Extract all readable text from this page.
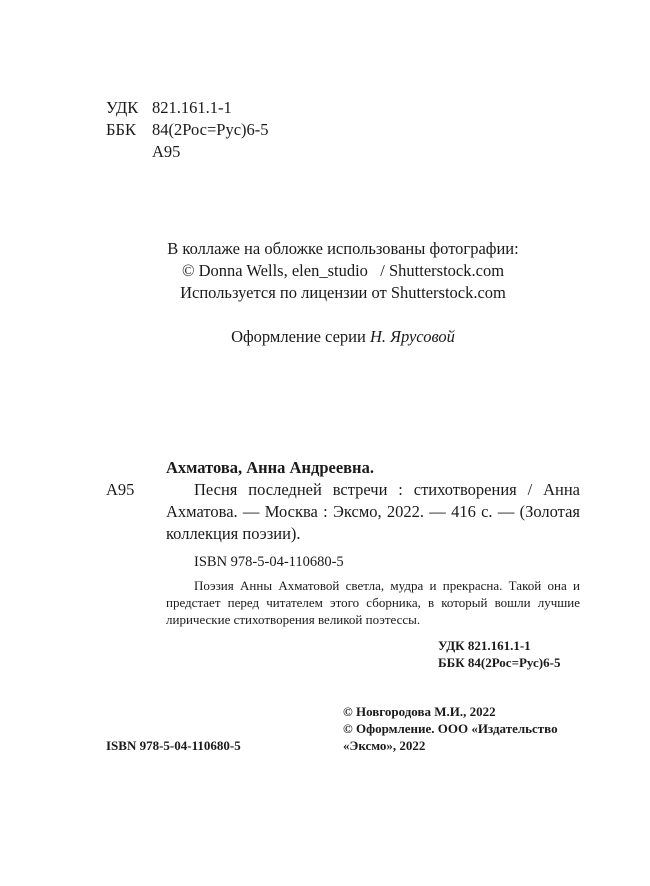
УДК 821.161.1-1
ББК 84(2Рос=Рус)6-5
А95
В коллаже на обложке использованы фотографии:
© Donna Wells, elen_studio   / Shutterstock.com
Используется по лицензии от Shutterstock.com
Оформление серии Н. Ярусовой
А95
Ахматова, Анна Андреевна.
Песня последней встречи : стихотворения / Анна Ахматова. — Москва : Эксмо, 2022. — 416 с. — (Золотая коллекция поэзии).
ISBN 978-5-04-110680-5
Поэзия Анны Ахматовой светла, мудра и прекрасна. Такой она и предстает перед читателем этого сборника, в который вошли лучшие лирические стихотворения великой поэтессы.
УДК 821.161.1-1
ББК 84(2Рос=Рус)6-5
ISBN 978-5-04-110680-5
© Новгородова М.И., 2022
© Оформление. ООО «Издательство «Эксмо», 2022
